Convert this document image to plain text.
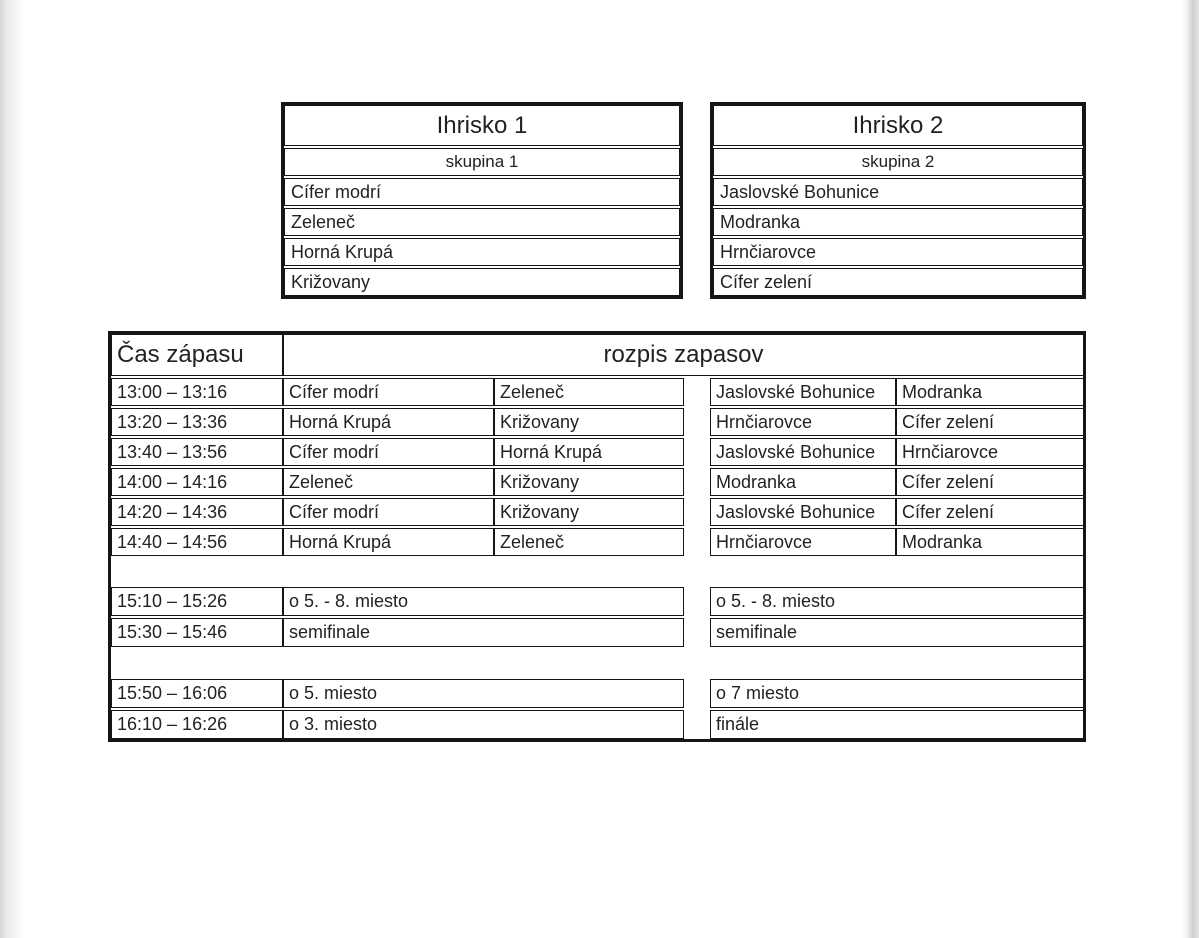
Ihrisko 1
skupina 1
Cífer modrí
Zeleneč
Horná Krupá
Križovany
Ihrisko 2
skupina 2
Jaslovské Bohunice
Modranka
Hrnčiarovce
Cífer zelení
Čas zápasu	rozpis zapasov
13:00 – 13:16	Cífer modrí	Zeleneč	Jaslovské Bohunice	Modranka
13:20 – 13:36	Horná Krupá	Križovany	Hrnčiarovce	Cífer zelení
13:40 – 13:56	Cífer modrí	Horná Krupá	Jaslovské Bohunice	Hrnčiarovce
14:00 – 14:16	Zeleneč	Križovany	Modranka	Cífer zelení
14:20 – 14:36	Cífer modrí	Križovany	Jaslovské Bohunice	Cífer zelení
14:40 – 14:56	Horná Krupá	Zeleneč	Hrnčiarovce	Modranka
15:10 – 15:26	o 5. - 8. miesto	o 5. - 8. miesto
15:30 – 15:46	semifinale	semifinale
15:50 – 16:06	o 5. miesto	o 7 miesto
16:10 – 16:26	o 3. miesto	finále
